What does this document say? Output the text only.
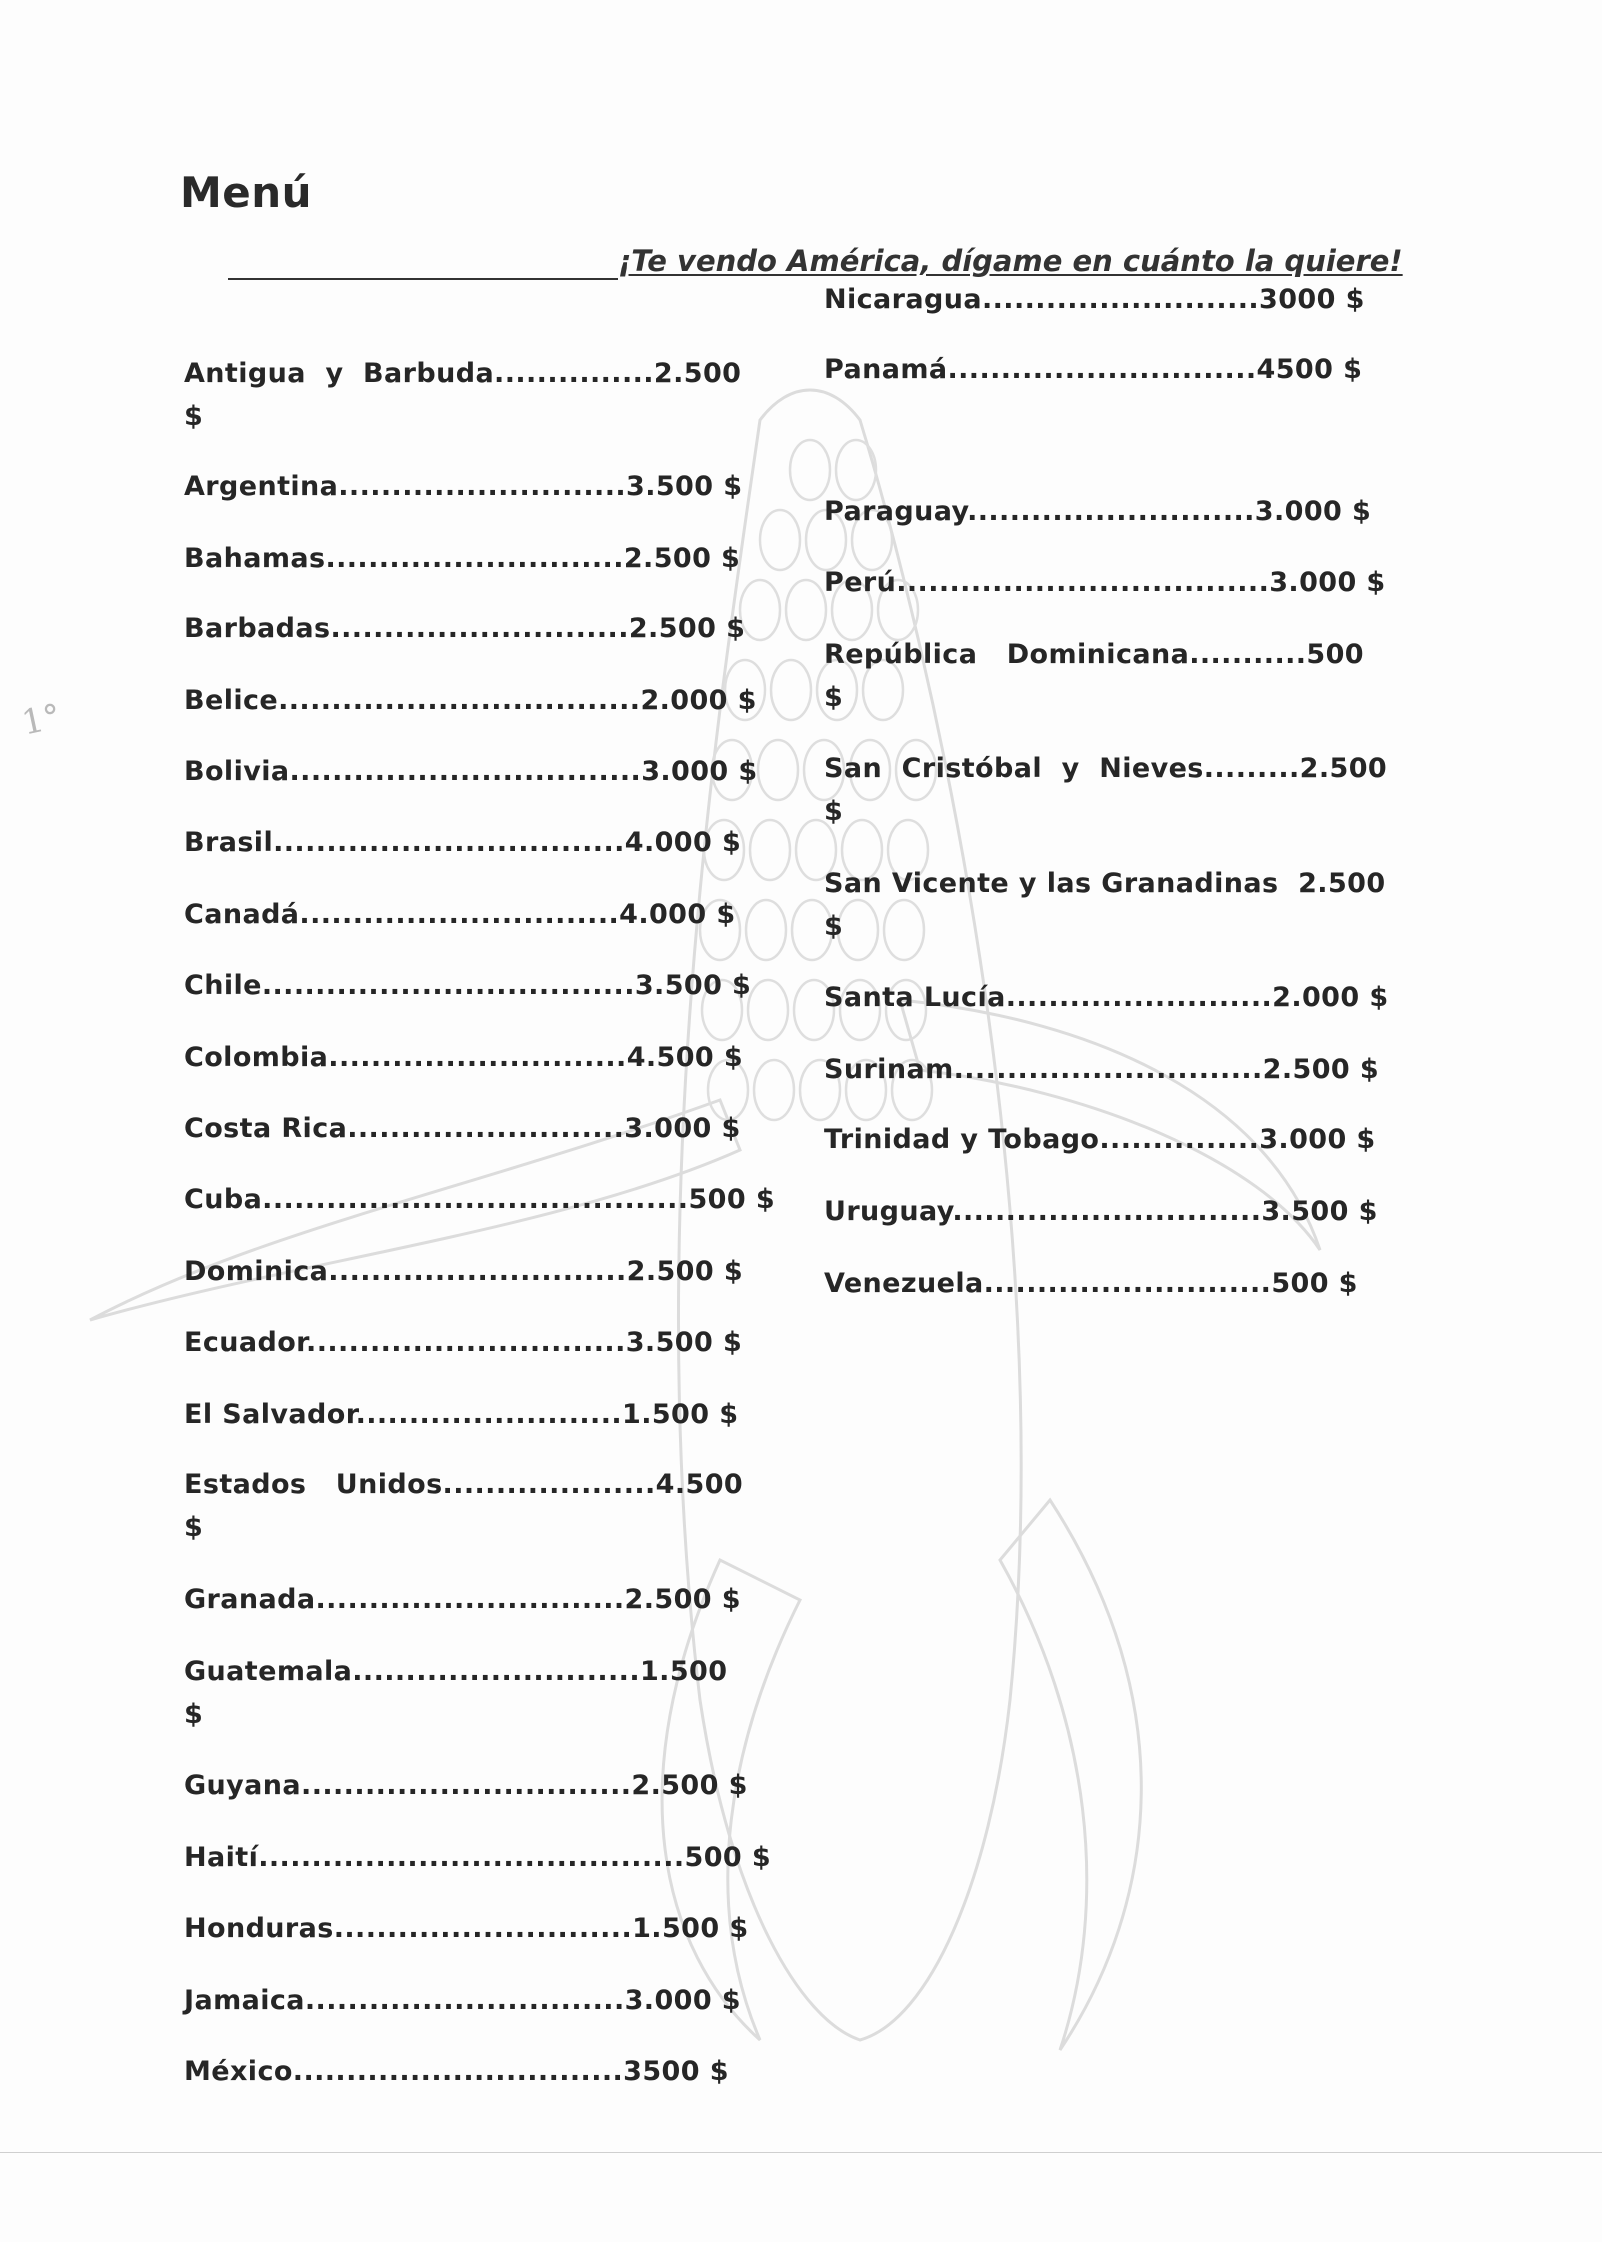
1°
Menú
¡Te vendo América, dígame en cuánto la quiere!
Antigua  y  Barbuda...............2.500
$
Argentina...........................3.500 $
Bahamas............................2.500 $
Barbadas............................2.500 $
Belice..................................2.000 $
Bolivia.................................3.000 $
Brasil.................................4.000 $
Canadá..............................4.000 $
Chile...................................3.500 $
Colombia............................4.500 $
Costa Rica..........................3.000 $
Cuba........................................500 $
Dominica............................2.500 $
Ecuador..............................3.500 $
El Salvador.........................1.500 $
Estados   Unidos....................4.500
$
Granada.............................2.500 $
Guatemala...........................1.500
$
Guyana...............................2.500 $
Haití........................................500 $
Honduras............................1.500 $
Jamaica..............................3.000 $
México...............................3500 $
Nicaragua..........................3000 $
Panamá.............................4500 $
Paraguay...........................3.000 $
Perú...................................3.000 $
República   Dominicana...........500
$
San  Cristóbal  y  Nieves.........2.500
$
San Vicente y las Granadinas  2.500
$
Santa Lucía.........................2.000 $
Surinam.............................2.500 $
Trinidad y Tobago...............3.000 $
Uruguay.............................3.500 $
Venezuela...........................500 $
